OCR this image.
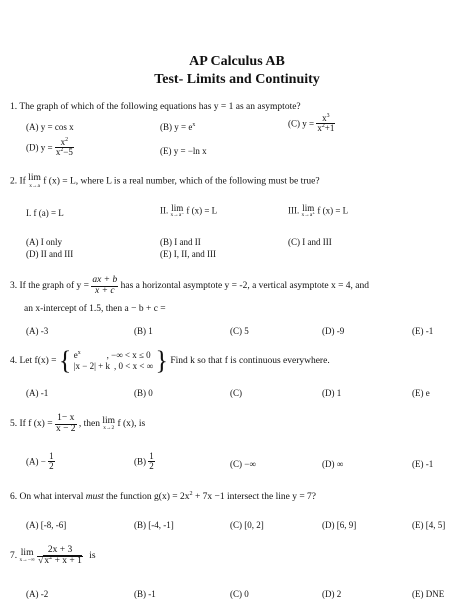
AP Calculus AB
Test- Limits and Continuity
1. The graph of which of the following equations has y = 1 as an asymptote?
(A) y = cos x	(B) $y = e^x$	(C) $y = \frac{x^3}{x^2+1}$
(D) $y = \frac{x^2}{x^2-5}$	(E) y = −ln x
2. If lim
x→a f (x) = L, where L is a real number, which of the following must be true?
I. f (a) = L	II. lim
x→a⁻ f (x) = L	III. lim
x→a⁺ f (x) = L
(A) I only	(B) I and II	(C) I and III
(D) II and III	(E) I, II, and III
3. If the graph of $y = \frac{ax + b}{x + c}$ has a horizontal asymptote y = -2, a vertical asymptote x = 4, and
an x-intercept of 1.5, then a − b + c =
(A) -3	(B) 1	(C) 5	(D) -9	(E) -1
4. Let f(x) = { $e^x$	, −∞ < x ≤ 0
|x − 2| + k , 0 < x < ∞ } Find k so that f is continuous everywhere.
(A) -1	(B) 0	(C)	(D) 1	(E) e
5. If f $(x) = \frac{1- x}{x - 2}$ , then lim
x→2 f (x), is
$(A) - \frac{1}{2}$	$(B) \frac{1}{2}$	(C) −∞	(D) ∞	(E) -1
6. On what interval must the function $g(x) = 2x^2 + 7x -1$ intersect the line y = 7?
(A) [-8, -6]	(B) [-4, -1]	(C) [0, 2]	(D) [6, 9]	(E) [4, 5]
7. lim
x→−∞
$\frac{2x + 3}{√x^2 + x + 1}$ is
(A) -2	(B) -1	(C) 0	(D) 2	(E) DNE
